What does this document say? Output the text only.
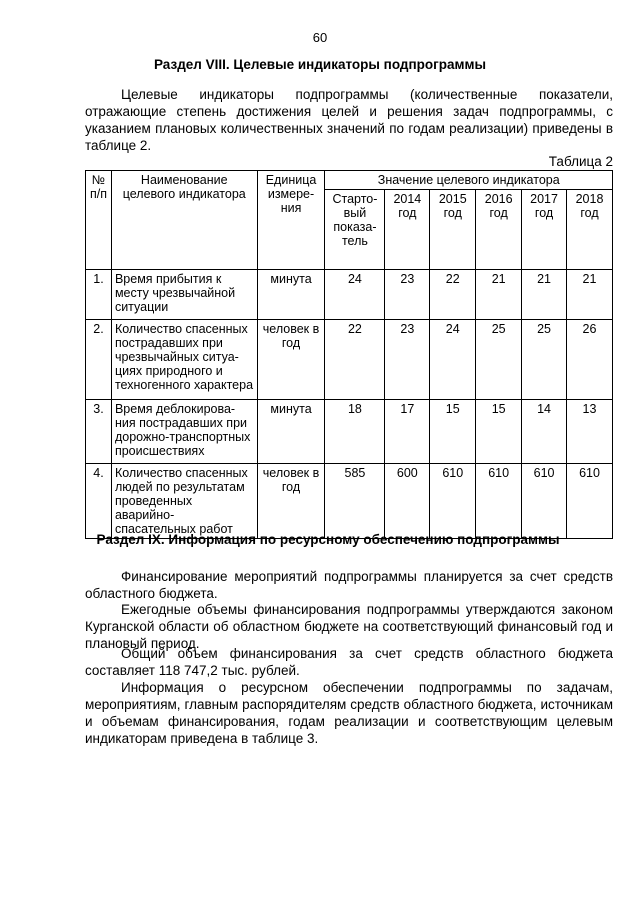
60
Раздел VIII. Целевые индикаторы подпрограммы

Целевые индикаторы подпрограммы (количественные показатели, отражающие степень достижения целей и решения задач подпрограммы, с указанием плановых количественных значений по годам реализации) приведены в таблице 2.

Таблица 2
№ п/п	Наименование целевого индикатора	Единица измере-ния	Значение целевого индикатора					
			Старто-вый показа-тель	2014 год	2015 год	2016 год	2017 год	2018 год
1.	Время прибытия к месту чрезвычайной ситуации	минута	24	23	22	21	21	21
2.	Количество спасенных пострадавших при чрезвычайных ситуа-циях природного и техногенного характера	человек в год	22	23	24	25	25	26
3.	Время деблокирова-ния пострадавших при дорожно-транспортных происшествиях	минута	18	17	15	15	14	13
4.	Количество спасенных людей по результатам проведенных аварийно-спасательных работ	человек в год	585	600	610	610	610	610
Раздел IX. Информация по ресурсному обеспечению подпрограммы

Финансирование мероприятий подпрограммы планируется за счет средств областного бюджета.

Ежегодные объемы финансирования подпрограммы утверждаются законом Курганской области об областном бюджете на соответствующий финансовый год и плановый период.

Общий объем финансирования за счет средств областного бюджета составляет 118 747,2 тыс. рублей.

Информация о ресурсном обеспечении подпрограммы по задачам, мероприятиям, главным распорядителям средств областного бюджета, источникам и объемам финансирования, годам реализации и соответствующим целевым индикаторам приведена в таблице 3.
